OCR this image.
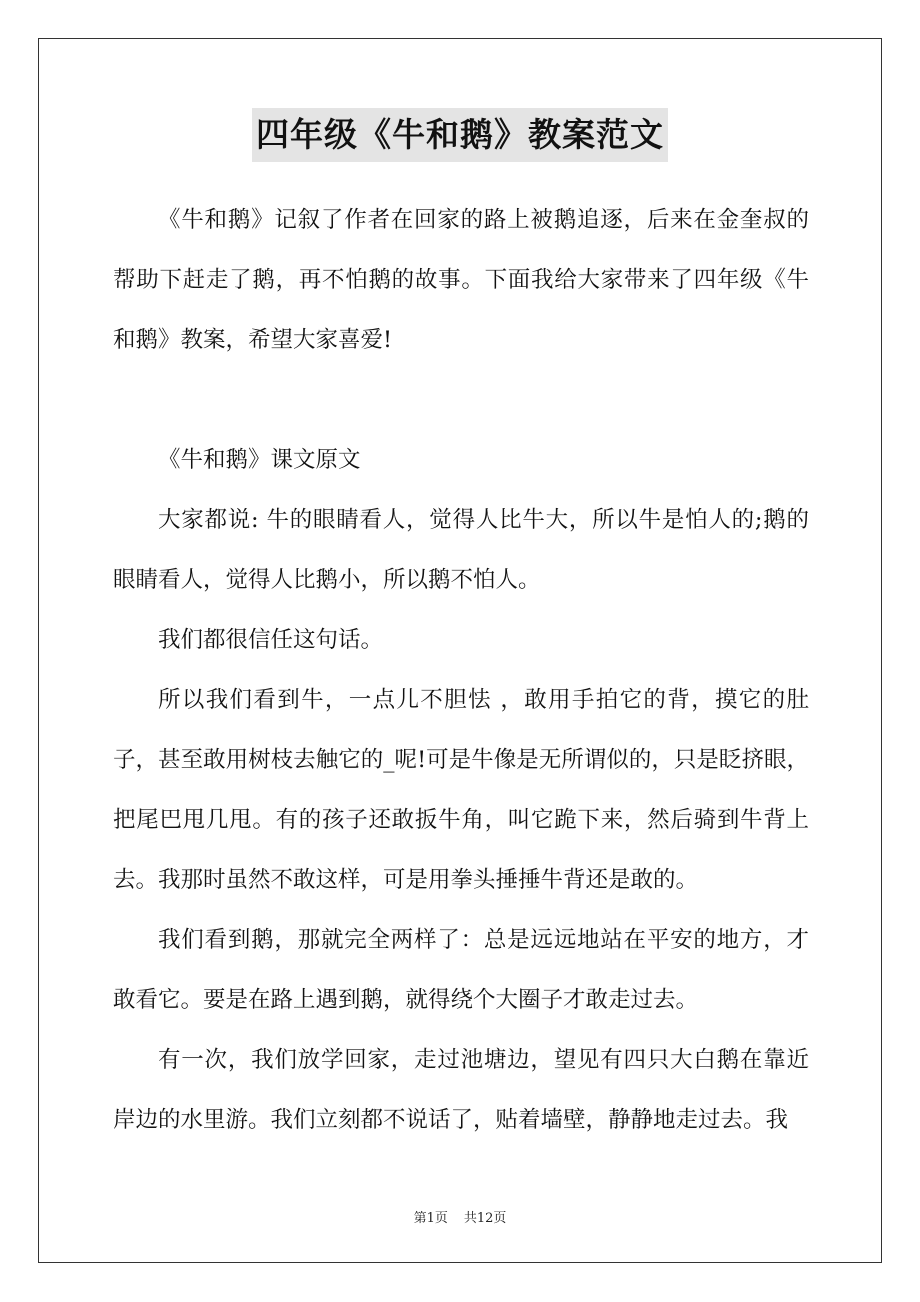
四年级《牛和鹅》教案范文

《牛和鹅》记叙了作者在回家的路上被鹅追逐，后来在金奎叔的帮助下赶走了鹅，再不怕鹅的故事。下面我给大家带来了四年级《牛和鹅》教案，希望大家喜爱!

《牛和鹅》课文原文

大家都说: 牛的眼睛看人，觉得人比牛大，所以牛是怕人的;鹅的眼睛看人，觉得人比鹅小，所以鹅不怕人。

我们都很信任这句话。

所以我们看到牛，一点儿不胆怯 ，敢用手拍它的背，摸它的肚子，甚至敢用树枝去触它的_呢!可是牛像是无所谓似的，只是眨挤眼，把尾巴甩几甩。有的孩子还敢扳牛角，叫它跪下来，然后骑到牛背上去。我那时虽然不敢这样，可是用拳头捶捶牛背还是敢的。

我们看到鹅，那就完全两样了：总是远远地站在平安的地方，才敢看它。要是在路上遇到鹅，就得绕个大圈子才敢走过去。

有一次，我们放学回家，走过池塘边，望见有四只大白鹅在靠近岸边的水里游。我们立刻都不说话了，贴着墙壁，静静地走过去。我

第1页 共12页
